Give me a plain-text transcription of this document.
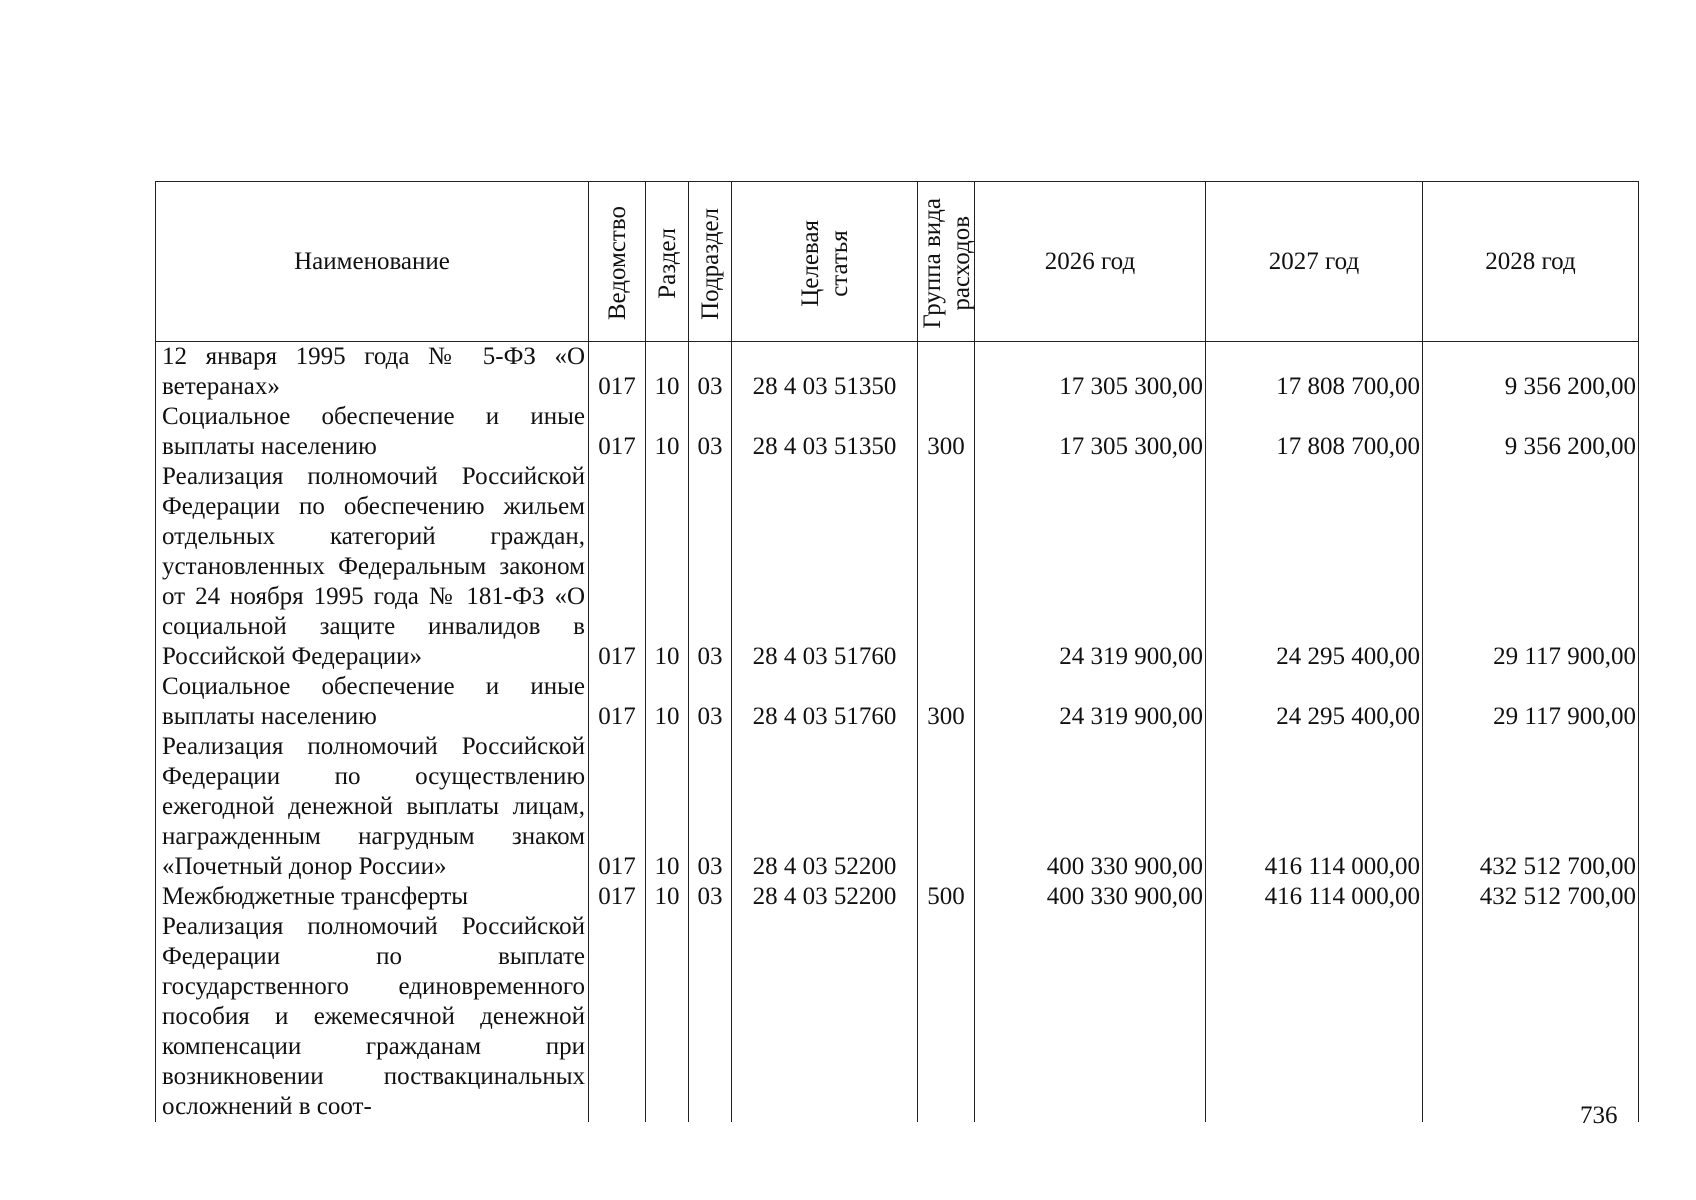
Наименование	Ведомство	Раздел	Подраздел	Целевая
статья	Группа вида
расходов	2026 год	2027 год	2028 год
12 января 1995 года № 5-ФЗ «О ветеранах»	017	10	03	28 4 03 51350		17 305 300,00	17 808 700,00	9 356 200,00
Социальное обеспечение и иные выплаты населению	017	10	03	28 4 03 51350	300	17 305 300,00	17 808 700,00	9 356 200,00
Реализация полномочий Российской Федерации по обеспечению жильем отдельных категорий граждан, установленных Федеральным законом от 24 ноября 1995 года № 181-ФЗ «О социальной защите инвалидов в Российской Федерации»	017	10	03	28 4 03 51760		24 319 900,00	24 295 400,00	29 117 900,00
Социальное обеспечение и иные выплаты населению	017	10	03	28 4 03 51760	300	24 319 900,00	24 295 400,00	29 117 900,00
Реализация полномочий Российской Федерации по осуществлению ежегодной денежной выплаты лицам, награжденным нагрудным знаком «Почетный донор России»	017	10	03	28 4 03 52200		400 330 900,00	416 114 000,00	432 512 700,00
Межбюджетные трансферты	017	10	03	28 4 03 52200	500	400 330 900,00	416 114 000,00	432 512 700,00
Реализация полномочий Российской Федерации по выплате государственного единовременного пособия и ежемесячной денежной компенсации гражданам при возникновении поствакцинальных осложнений в соот-									736
